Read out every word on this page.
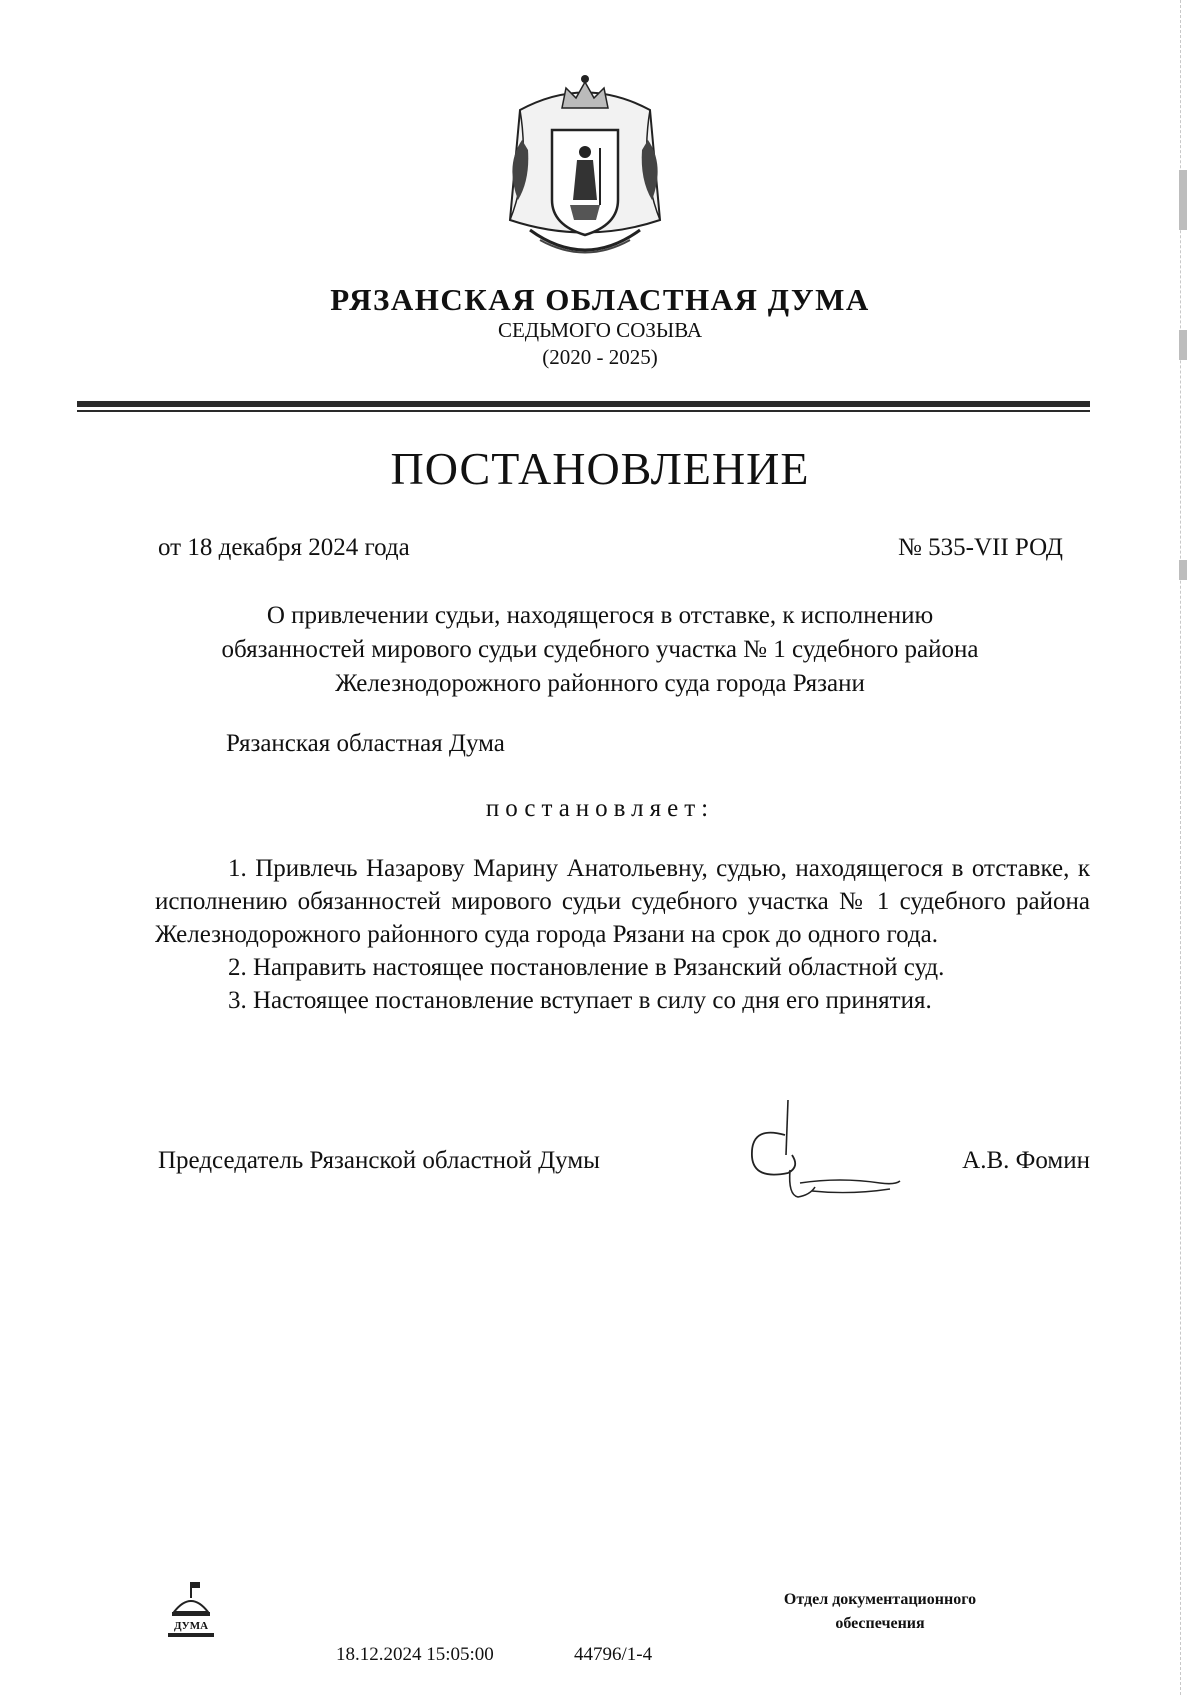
РЯЗАНСКАЯ ОБЛАСТНАЯ ДУМА
СЕДЬМОГО СОЗЫВА
(2020 - 2025)
ПОСТАНОВЛЕНИЕ
от 18 декабря 2024 года	№ 535-VII РОД
О привлечении судьи, находящегося в отставке, к исполнению
обязанностей мирового судьи судебного участка № 1 судебного района
Железнодорожного районного суда города Рязани
Рязанская областная Дума
постановляет:

1. Привлечь Назарову Марину Анатольевну, судью, находящегося в отставке, к исполнению обязанностей мирового судьи судебного участка № 1 судебного района Железнодорожного районного суда города Рязани на срок до одного года.

2. Направить настоящее постановление в Рязанский областной суд.

3. Настоящее постановление вступает в силу со дня его принятия.

Председатель Рязанской областной Думы	А.В. Фомин
ДУМА
18.12.2024 15:05:00	44796/1-4
Отдел документационного
обеспечения
